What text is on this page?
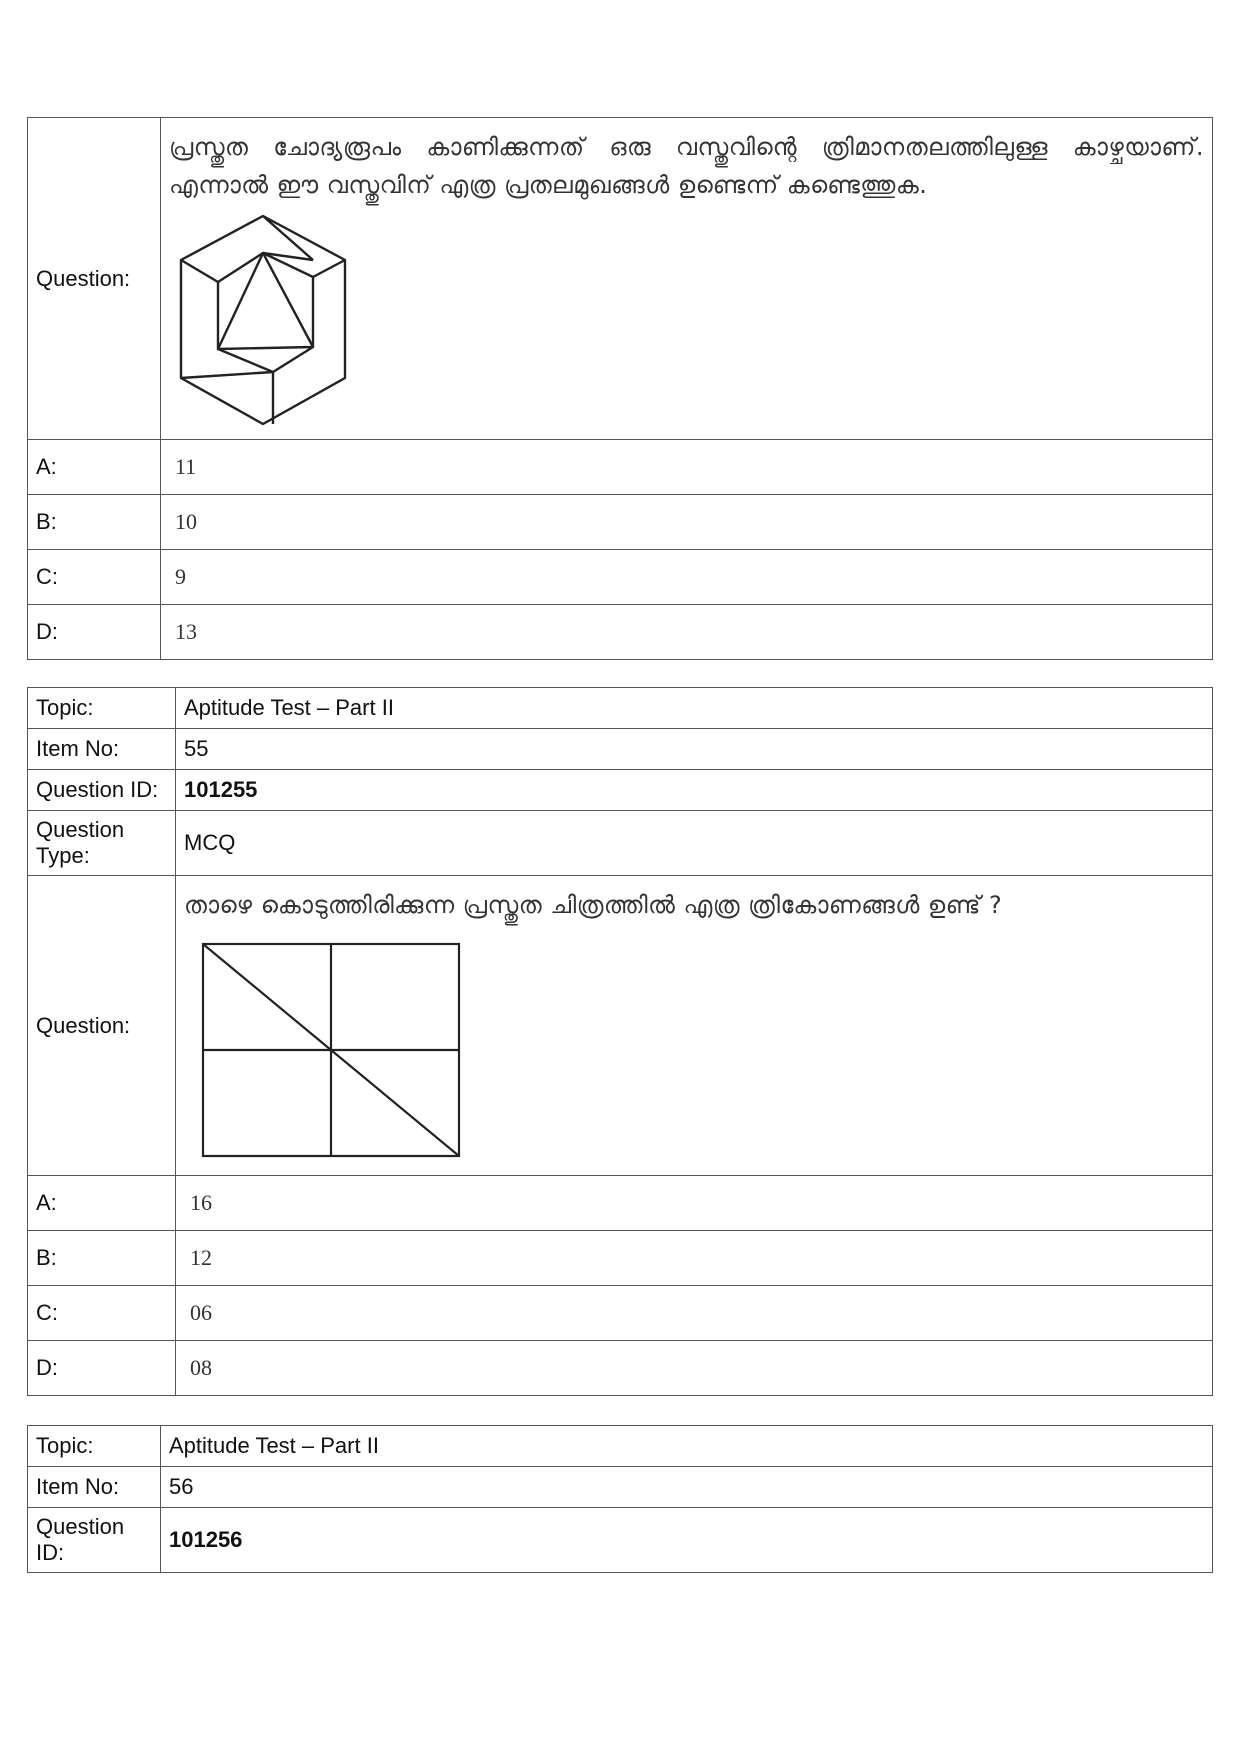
Question:	പ്രസ്തുത ചോദ്യരൂപം കാണിക്കുന്നത് ഒരു വസ്തുവിന്റെ ത്രിമാനതലത്തിലുള്ള കാഴ്ചയാണ്. എന്നാൽ ഈ വസ്തുവിന് എത്ര പ്രതലമുഖങ്ങൾ ഉണ്ടെന്ന് കണ്ടെത്തുക.

A:	11
B:	10
C:	9
D:	13
Topic:	Aptitude Test – Part II
Item No:	55
Question ID:	101255
Question Type:	MCQ
Question:	താഴെ കൊടുത്തിരിക്കുന്ന പ്രസ്തുത ചിത്രത്തിൽ എത്ര ത്രികോണങ്ങൾ ഉണ്ട് ?

A:	16
B:	12
C:	06
D:	08
Topic:	Aptitude Test – Part II
Item No:	56
Question ID:	101256
